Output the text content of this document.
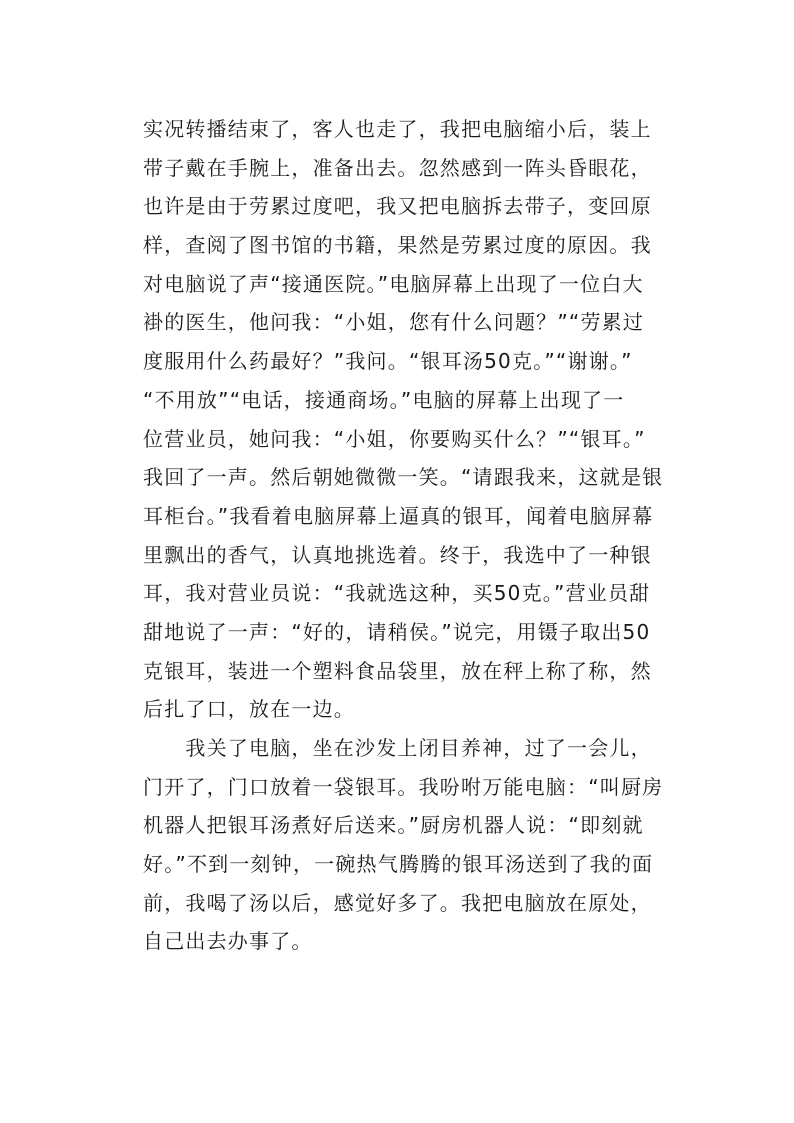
实况转播结束了，客人也走了，我把电脑缩小后，装上
带子戴在手腕上，准备出去。忽然感到一阵头昏眼花，
也许是由于劳累过度吧，我又把电脑拆去带子，变回原
样，查阅了图书馆的书籍，果然是劳累过度的原因。我
对电脑说了声“接通医院。”电脑屏幕上出现了一位白大
褂的医生，他问我：“小姐，您有什么问题？”“劳累过
度服用什么药最好？”我问。“银耳汤50克。”“谢谢。”
“不用放”“电话，接通商场。”电脑的屏幕上出现了一
位营业员，她问我：“小姐，你要购买什么？”“银耳。”
我回了一声。然后朝她微微一笑。“请跟我来，这就是银
耳柜台。”我看着电脑屏幕上逼真的银耳，闻着电脑屏幕
里飘出的香气，认真地挑选着。终于，我选中了一种银
耳，我对营业员说：“我就选这种，买50克。”营业员甜
甜地说了一声：“好的，请稍侯。”说完，用镊子取出50
克银耳，装进一个塑料食品袋里，放在秤上称了称，然
后扎了口，放在一边。
　　我关了电脑，坐在沙发上闭目养神，过了一会儿，
门开了，门口放着一袋银耳。我吩咐万能电脑：“叫厨房
机器人把银耳汤煮好后送来。”厨房机器人说：“即刻就
好。”不到一刻钟，一碗热气腾腾的银耳汤送到了我的面
前，我喝了汤以后，感觉好多了。我把电脑放在原处，
自己出去办事了。
